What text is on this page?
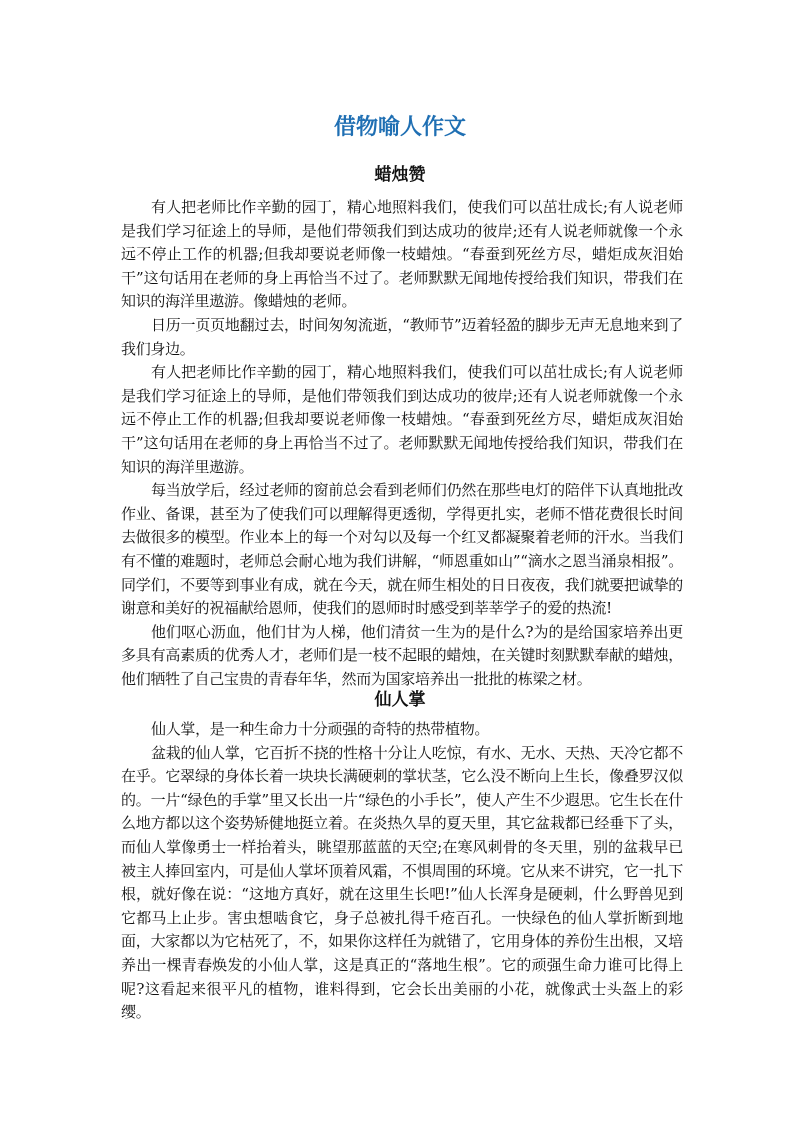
借物喻人作文
蜡烛赞

有人把老师比作辛勤的园丁，精心地照料我们，使我们可以茁壮成长;有人说老师是我们学习征途上的导师，是他们带领我们到达成功的彼岸;还有人说老师就像一个永远不停止工作的机器;但我却要说老师像一枝蜡烛。“春蚕到死丝方尽，蜡炬成灰泪始干”这句话用在老师的身上再恰当不过了。老师默默无闻地传授给我们知识，带我们在知识的海洋里遨游。像蜡烛的老师。

日历一页页地翻过去，时间匆匆流逝，“教师节”迈着轻盈的脚步无声无息地来到了我们身边。

有人把老师比作辛勤的园丁，精心地照料我们，使我们可以茁壮成长;有人说老师是我们学习征途上的导师，是他们带领我们到达成功的彼岸;还有人说老师就像一个永远不停止工作的机器;但我却要说老师像一枝蜡烛。“春蚕到死丝方尽，蜡炬成灰泪始干”这句话用在老师的身上再恰当不过了。老师默默无闻地传授给我们知识，带我们在知识的海洋里遨游。

每当放学后，经过老师的窗前总会看到老师们仍然在那些电灯的陪伴下认真地批改作业、备课，甚至为了使我们可以理解得更透彻，学得更扎实，老师不惜花费很长时间去做很多的模型。作业本上的每一个对勾以及每一个红叉都凝聚着老师的汗水。当我们有不懂的难题时，老师总会耐心地为我们讲解，“师恩重如山”“滴水之恩当涌泉相报”。同学们，不要等到事业有成，就在今天，就在师生相处的日日夜夜，我们就要把诚挚的谢意和美好的祝福献给恩师，使我们的恩师时时感受到莘莘学子的爱的热流!

他们呕心沥血，他们甘为人梯，他们清贫一生为的是什么?为的是给国家培养出更多具有高素质的优秀人才，老师们是一枝不起眼的蜡烛，在关键时刻默默奉献的蜡烛，他们牺牲了自己宝贵的青春年华，然而为国家培养出一批批的栋梁之材。

仙人掌

仙人掌，是一种生命力十分顽强的奇特的热带植物。

盆栽的仙人掌，它百折不挠的性格十分让人吃惊，有水、无水、天热、天冷它都不在乎。它翠绿的身体长着一块块长满硬刺的掌状茎，它么没不断向上生长，像叠罗汉似的。一片“绿色的手掌”里又长出一片“绿色的小手长”，使人产生不少遐思。它生长在什么地方都以这个姿势矫健地挺立着。在炎热久旱的夏天里，其它盆栽都已经垂下了头，而仙人掌像勇士一样抬着头，眺望那蓝蓝的天空;在寒风刺骨的冬天里，别的盆栽早已被主人捧回室内，可是仙人掌坏顶着风霜，不惧周围的环境。它从来不讲究，它一扎下根，就好像在说：“这地方真好，就在这里生长吧!”仙人长浑身是硬刺，什么野兽见到它都马上止步。害虫想啮食它，身子总被扎得千疮百孔。一快绿色的仙人掌折断到地面，大家都以为它枯死了，不，如果你这样任为就错了，它用身体的养份生出根，又培养出一棵青春焕发的小仙人掌，这是真正的“落地生根”。它的顽强生命力谁可比得上呢?这看起来很平凡的植物，谁料得到，它会长出美丽的小花，就像武士头盔上的彩缨。
